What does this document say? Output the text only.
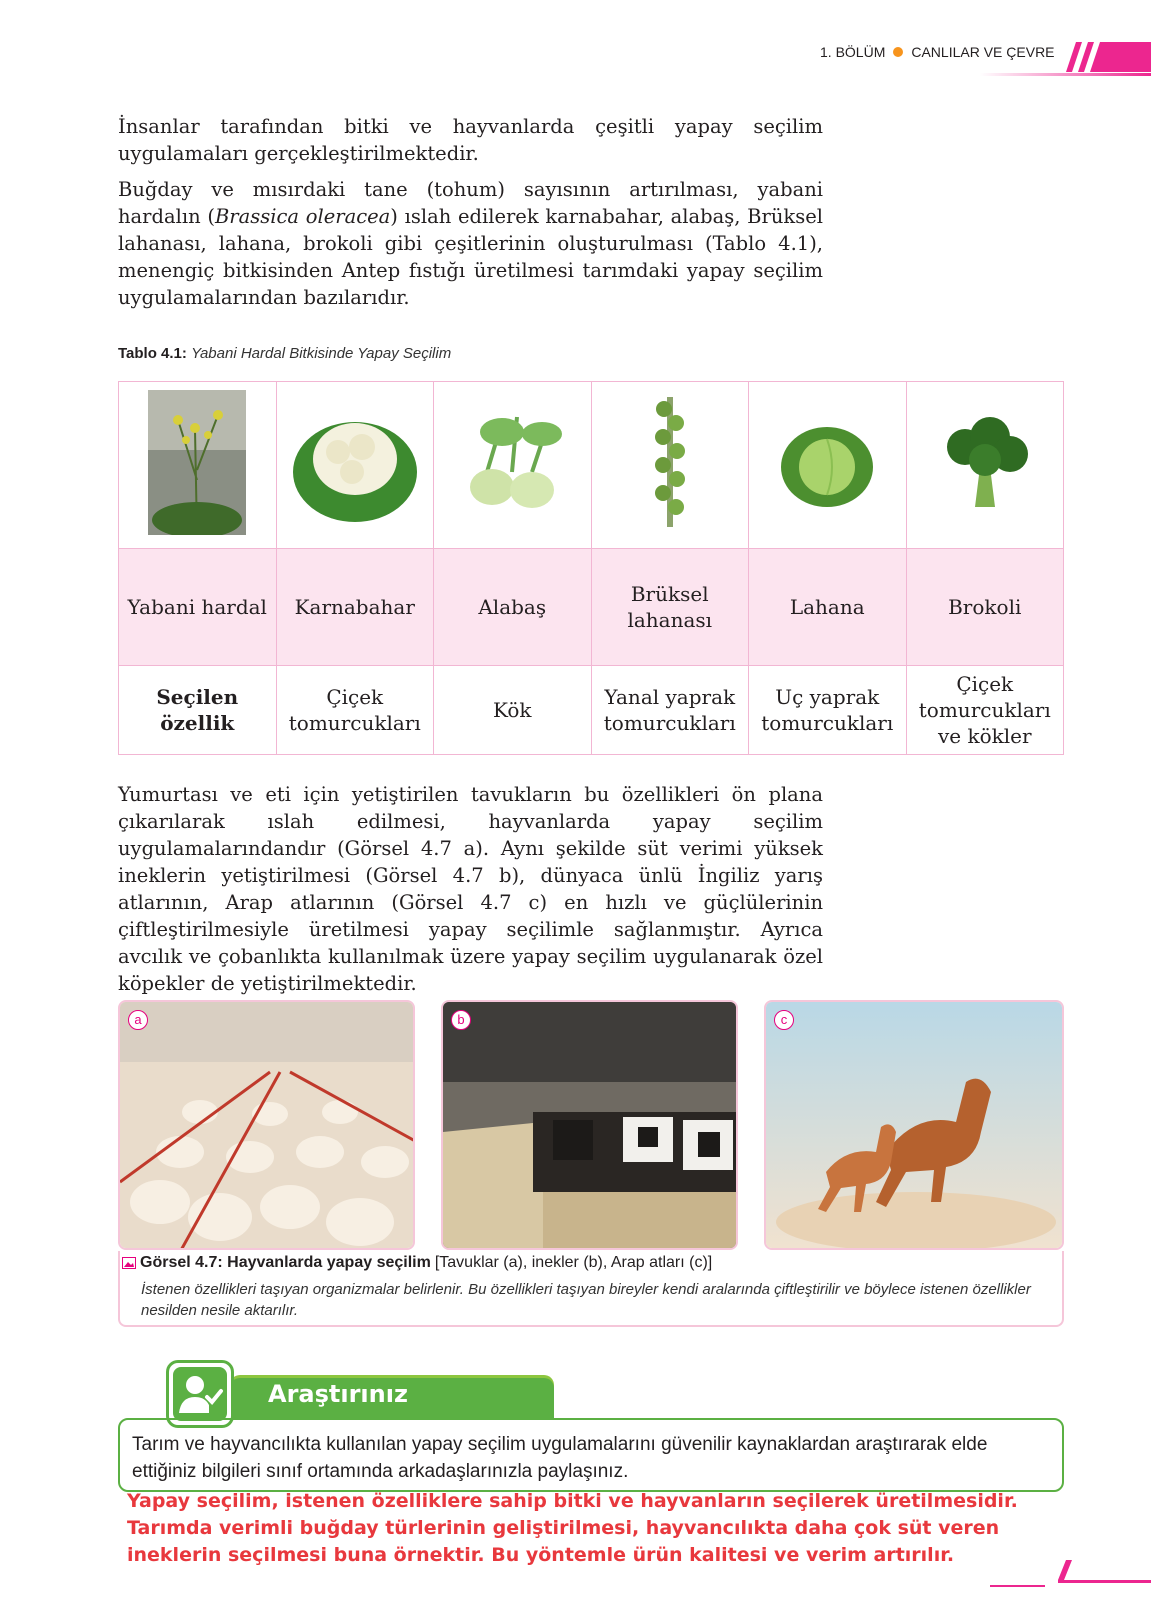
1. BÖLÜM CANLILAR VE ÇEVRE

İnsanlar tarafından bitki ve hayvanlarda çeşitli yapay seçilim uygulamaları gerçekleştirilmektedir.

Buğday ve mısırdaki tane (tohum) sayısının artırılması, yabani hardalın (Brassica oleracea) ıslah edilerek karnabahar, alabaş, Brüksel lahanası, lahana, brokoli gibi çeşitlerinin oluşturulması (Tablo 4.1), menengiç bitkisinden Antep fıstığı üretilmesi tarımdaki yapay seçilim uygulamalarından bazılarıdır.

Tablo 4.1: Yabani Hardal Bitkisinde Yapay Seçilim

Yabani hardal	Karnabahar	Alabaş	Brüksel lahanası	Lahana	Brokoli
Seçilen özellik	Çiçek tomurcukları	Kök	Yanal yaprak tomurcukları	Uç yaprak tomurcukları	Çiçek tomurcukları ve kökler

Yumurtası ve eti için yetiştirilen tavukların bu özellikleri ön plana çıkarılarak ıslah edilmesi, hayvanlarda yapay seçilim uygulamalarındandır (Görsel 4.7 a). Aynı şekilde süt verimi yüksek ineklerin yetiştirilmesi (Görsel 4.7 b), dünyaca ünlü İngiliz yarış atlarının, Arap atlarının (Görsel 4.7 c) en hızlı ve güçlülerinin çiftleştirilmesiyle üretilmesi yapay seçilimle sağlanmıştır. Ayrıca avcılık ve çobanlıkta kullanılmak üzere yapay seçilim uygulanarak özel köpekler de yetiştirilmektedir.

a	b	c
Görsel 4.7: Hayvanlarda yapay seçilim [Tavuklar (a), inekler (b), Arap atları (c)]
İstenen özellikleri taşıyan organizmalar belirlenir. Bu özellikleri taşıyan bireyler kendi aralarında çiftleştirilir ve böylece istenen özellikler nesilden nesile aktarılır.
Araştırınız
Tarım ve hayvancılıkta kullanılan yapay seçilim uygulamalarını güvenilir kaynaklardan araştırarak elde ettiğiniz bilgileri sınıf ortamında arkadaşlarınızla paylaşınız.
Yapay seçilim, istenen özelliklere sahip bitki ve hayvanların seçilerek üretilmesidir. Tarımda verimli buğday türlerinin geliştirilmesi, hayvancılıkta daha çok süt veren ineklerin seçilmesi buna örnektir. Bu yöntemle ürün kalitesi ve verim artırılır.
